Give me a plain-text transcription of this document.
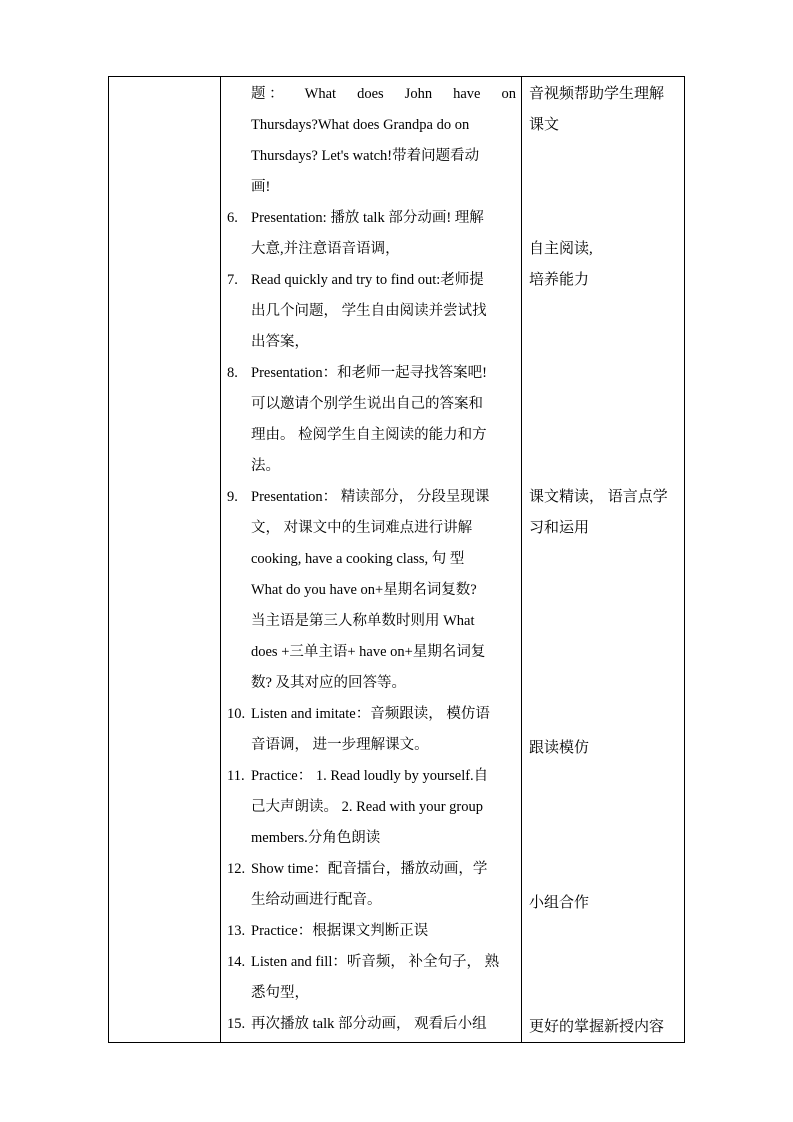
题 ： What does John have on
Thursdays?What does Grandpa do on
Thursdays? Let's watch!带着问题看动
画!
6. Presentation: 播放 talk 部分动画! 理解
大意,并注意语音语调，
7. Read quickly and try to find out:老师提
出几个问题， 学生自由阅读并尝试找
出答案，
8. Presentation：和老师一起寻找答案吧!
可以邀请个别学生说出自己的答案和
理由。 检阅学生自主阅读的能力和方
法。
9. Presentation： 精读部分， 分段呈现课
文， 对课文中的生词难点进行讲解
cooking, have a cooking class, 句 型
What do you have on+星期名词复数?
当主语是第三人称单数时则用 What
does +三单主语+ have on+星期名词复
数? 及其对应的回答等。
10. Listen and imitate：音频跟读， 模仿语
音语调， 进一步理解课文。
11. Practice： 1. Read loudly by yourself.自
己大声朗读。 2. Read with your group
members.分角色朗读
12. Show time：配音擂台，播放动画，学
生给动画进行配音。
13. Practice：根据课文判断正误
14. Listen and fill：听音频， 补全句子， 熟
悉句型，
15. 再次播放 talk 部分动画， 观看后小组
音视频帮助学生理解
课文
自主阅读,
培养能力
课文精读， 语言点学
习和运用
跟读模仿
小组合作
更好的掌握新授内容
